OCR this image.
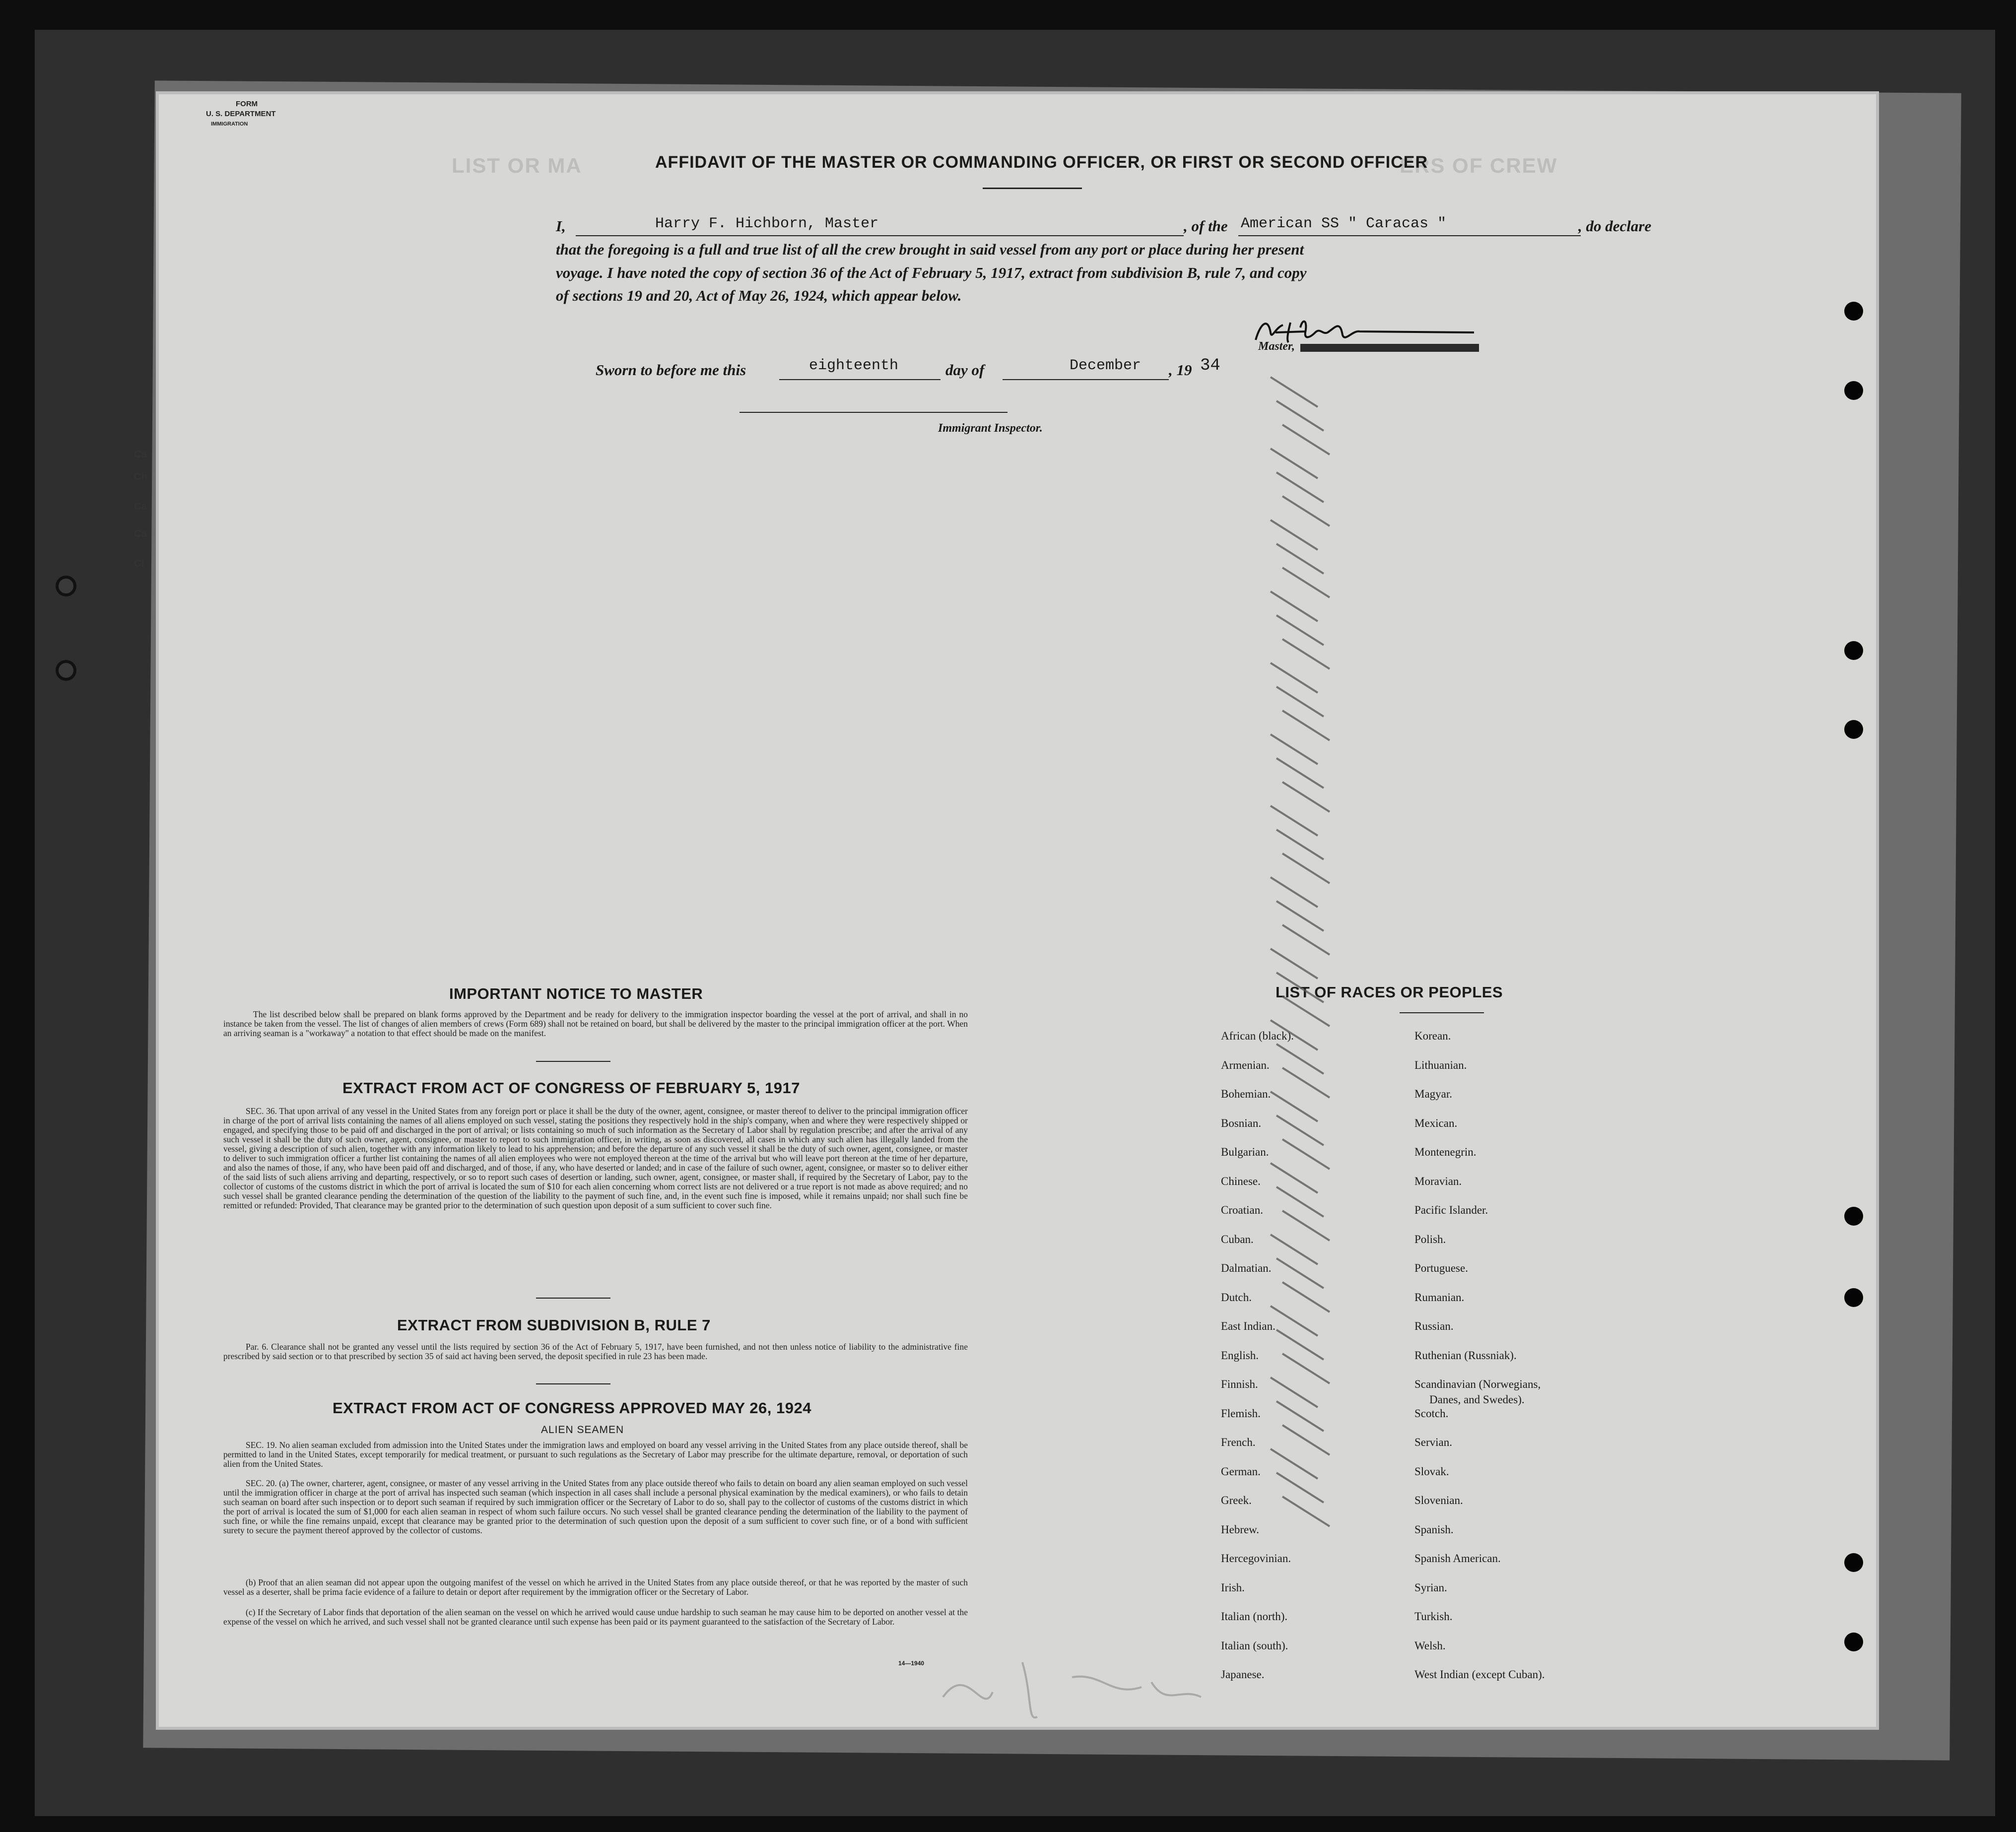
Ca
Ch
Ca
Ca
Cl
FORM
U. S. DEPARTMENT
IMMIGRATION
LIST OR MA	ERS OF CREW
AFFIDAVIT OF THE MASTER OR COMMANDING OFFICER, OR FIRST OR SECOND OFFICER
I,	Harry F. Hichborn, Master	, of the American SS " Caracas "	, do declare
that the foregoing is a full and true list of all the crew brought in said vessel from any port or place during her present
voyage. I have noted the copy of section 36 of the Act of February 5, 1917, extract from subdivision B, rule 7, and copy
of sections 19 and 20, Act of May 26, 1924, which appear below.
Master,
Sworn to before me this	eighteenth	day of	December , 19 34
Immigrant Inspector.
IMPORTANT NOTICE TO MASTER
The list described below shall be prepared on blank forms approved by the Department and be ready for delivery to the immigration inspector boarding the vessel at the port of arrival, and shall in no instance be taken from the vessel. The list of changes of alien members of crews (Form 689) shall not be retained on board, but shall be delivered by the master to the principal immigration officer at the port. When an arriving seaman is a "workaway" a notation to that effect should be made on the manifest.
EXTRACT FROM ACT OF CONGRESS OF FEBRUARY 5, 1917
SEC. 36. That upon arrival of any vessel in the United States from any foreign port or place it shall be the duty of the owner, agent, consignee, or master thereof to deliver to the principal immigration officer in charge of the port of arrival lists containing the names of all aliens employed on such vessel, stating the positions they respectively hold in the ship's company, when and where they were respectively shipped or engaged, and specifying those to be paid off and discharged in the port of arrival; or lists containing so much of such information as the Secretary of Labor shall by regulation prescribe; and after the arrival of any such vessel it shall be the duty of such owner, agent, consignee, or master to report to such immigration officer, in writing, as soon as discovered, all cases in which any such alien has illegally landed from the vessel, giving a description of such alien, together with any information likely to lead to his apprehension; and before the departure of any such vessel it shall be the duty of such owner, agent, consignee, or master to deliver to such immigration officer a further list containing the names of all alien employees who were not employed thereon at the time of the arrival but who will leave port thereon at the time of her departure, and also the names of those, if any, who have been paid off and discharged, and of those, if any, who have deserted or landed; and in case of the failure of such owner, agent, consignee, or master so to deliver either of the said lists of such aliens arriving and departing, respectively, or so to report such cases of desertion or landing, such owner, agent, consignee, or master shall, if required by the Secretary of Labor, pay to the collector of customs of the customs district in which the port of arrival is located the sum of $10 for each alien concerning whom correct lists are not delivered or a true report is not made as above required; and no such vessel shall be granted clearance pending the determination of the question of the liability to the payment of such fine, and, in the event such fine is imposed, while it remains unpaid; nor shall such fine be remitted or refunded: Provided, That clearance may be granted prior to the determination of such question upon deposit of a sum sufficient to cover such fine.
EXTRACT FROM SUBDIVISION B, RULE 7
Par. 6. Clearance shall not be granted any vessel until the lists required by section 36 of the Act of February 5, 1917, have been furnished, and not then unless notice of liability to the administrative fine prescribed by said section or to that prescribed by section 35 of said act having been served, the deposit specified in rule 23 has been made.
EXTRACT FROM ACT OF CONGRESS APPROVED MAY 26, 1924
ALIEN SEAMEN
SEC. 19. No alien seaman excluded from admission into the United States under the immigration laws and employed on board any vessel arriving in the United States from any place outside thereof, shall be permitted to land in the United States, except temporarily for medical treatment, or pursuant to such regulations as the Secretary of Labor may prescribe for the ultimate departure, removal, or deportation of such alien from the United States.
SEC. 20. (a) The owner, charterer, agent, consignee, or master of any vessel arriving in the United States from any place outside thereof who fails to detain on board any alien seaman employed on such vessel until the immigration officer in charge at the port of arrival has inspected such seaman (which inspection in all cases shall include a personal physical examination by the medical examiners), or who fails to detain such seaman on board after such inspection or to deport such seaman if required by such immigration officer or the Secretary of Labor to do so, shall pay to the collector of customs of the customs district in which the port of arrival is located the sum of $1,000 for each alien seaman in respect of whom such failure occurs. No such vessel shall be granted clearance pending the determination of the liability to the payment of such fine, or while the fine remains unpaid, except that clearance may be granted prior to the determination of such question upon the deposit of a sum sufficient to cover such fine, or of a bond with sufficient surety to secure the payment thereof approved by the collector of customs.
(b) Proof that an alien seaman did not appear upon the outgoing manifest of the vessel on which he arrived in the United States from any place outside thereof, or that he was reported by the master of such vessel as a deserter, shall be prima facie evidence of a failure to detain or deport after requirement by the immigration officer or the Secretary of Labor.
(c) If the Secretary of Labor finds that deportation of the alien seaman on the vessel on which he arrived would cause undue hardship to such seaman he may cause him to be deported on another vessel at the expense of the vessel on which he arrived, and such vessel shall not be granted clearance until such expense has been paid or its payment guaranteed to the satisfaction of the Secretary of Labor.
14—1940
LIST OF RACES OR PEOPLES
African (black).
Armenian.
Bohemian.
Bosnian.
Bulgarian.
Chinese.
Croatian.
Cuban.
Dalmatian.
Dutch.
East Indian.
English.
Finnish.
Flemish.
French.
German.
Greek.
Hebrew.
Hercegovinian.
Irish.
Italian (north).
Italian (south).
Japanese.
Korean.
Lithuanian.
Magyar.
Mexican.
Montenegrin.
Moravian.
Pacific Islander.
Polish.
Portuguese.
Rumanian.
Russian.
Ruthenian (Russniak).
Scandinavian (Norwegians,
Scotch.
Servian.
Slovak.
Slovenian.
Spanish.
Spanish American.
Syrian.
Turkish.
Welsh.
West Indian (except Cuban).
Danes, and Swedes).
